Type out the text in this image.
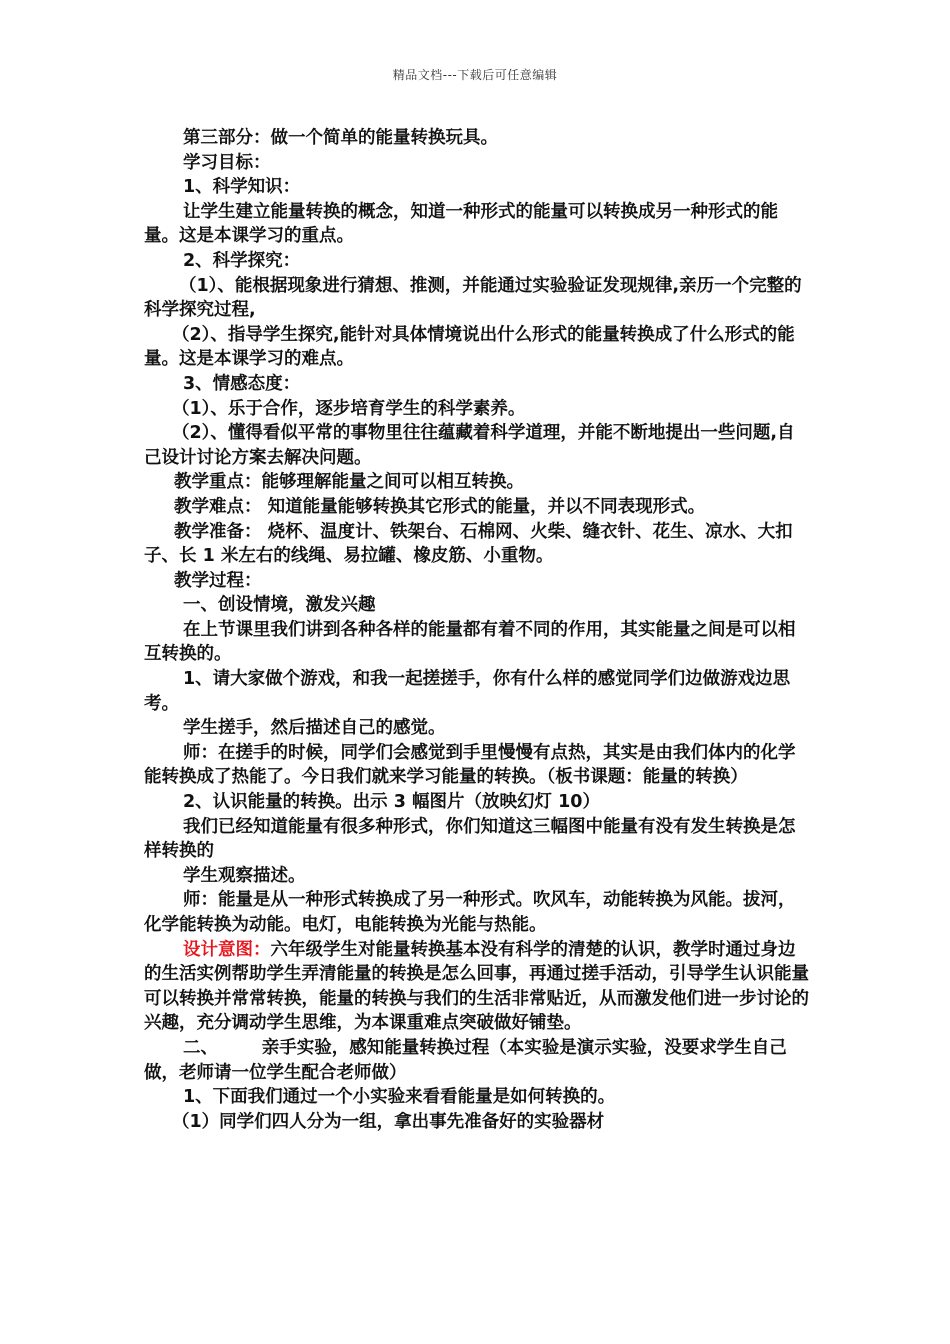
精品文档---下载后可任意编辑

第三部分：做一个简单的能量转换玩具。

学习目标：

1、科学知识：

让学生建立能量转换的概念，知道一种形式的能量可以转换成另一种形式的能量。这是本课学习的重点。

2、科学探究：

（1）、能根据现象进行猜想、推测，并能通过实验验证发现规律,亲历一个完整的科学探究过程,

（2）、指导学生探究,能针对具体情境说出什么形式的能量转换成了什么形式的能量。这是本课学习的难点。

3、情感态度：

（1）、乐于合作，逐步培育学生的科学素养。

（2）、懂得看似平常的事物里往往蕴藏着科学道理，并能不断地提出一些问题,自己设计讨论方案去解决问题。

教学重点：能够理解能量之间可以相互转换。

教学难点： 知道能量能够转换其它形式的能量，并以不同表现形式。

教学准备： 烧杯、温度计、铁架台、石棉网、火柴、缝衣针、花生、凉水、大扣子、长 1 米左右的线绳、易拉罐、橡皮筋、小重物。

教学过程：

一、创设情境，激发兴趣

在上节课里我们讲到各种各样的能量都有着不同的作用，其实能量之间是可以相互转换的。

1、请大家做个游戏，和我一起搓搓手，你有什么样的感觉同学们边做游戏边思考。

学生搓手，然后描述自己的感觉。

师：在搓手的时候，同学们会感觉到手里慢慢有点热，其实是由我们体内的化学能转换成了热能了。今日我们就来学习能量的转换。（板书课题：能量的转换）

2、认识能量的转换。出示 3 幅图片（放映幻灯 10）

我们已经知道能量有很多种形式，你们知道这三幅图中能量有没有发生转换是怎样转换的

学生观察描述。

师：能量是从一种形式转换成了另一种形式。吹风车，动能转换为风能。拔河，化学能转换为动能。电灯，电能转换为光能与热能。

设计意图：六年级学生对能量转换基本没有科学的清楚的认识，教学时通过身边的生活实例帮助学生弄清能量的转换是怎么回事，再通过搓手活动，引导学生认识能量可以转换并常常转换，能量的转换与我们的生活非常贴近，从而激发他们进一步讨论的兴趣，充分调动学生思维，为本课重难点突破做好铺垫。

二、　　　亲手实验，感知能量转换过程（本实验是演示实验，没要求学生自己做，老师请一位学生配合老师做）

1、下面我们通过一个小实验来看看能量是如何转换的。

（1）同学们四人分为一组，拿出事先准备好的实验器材
